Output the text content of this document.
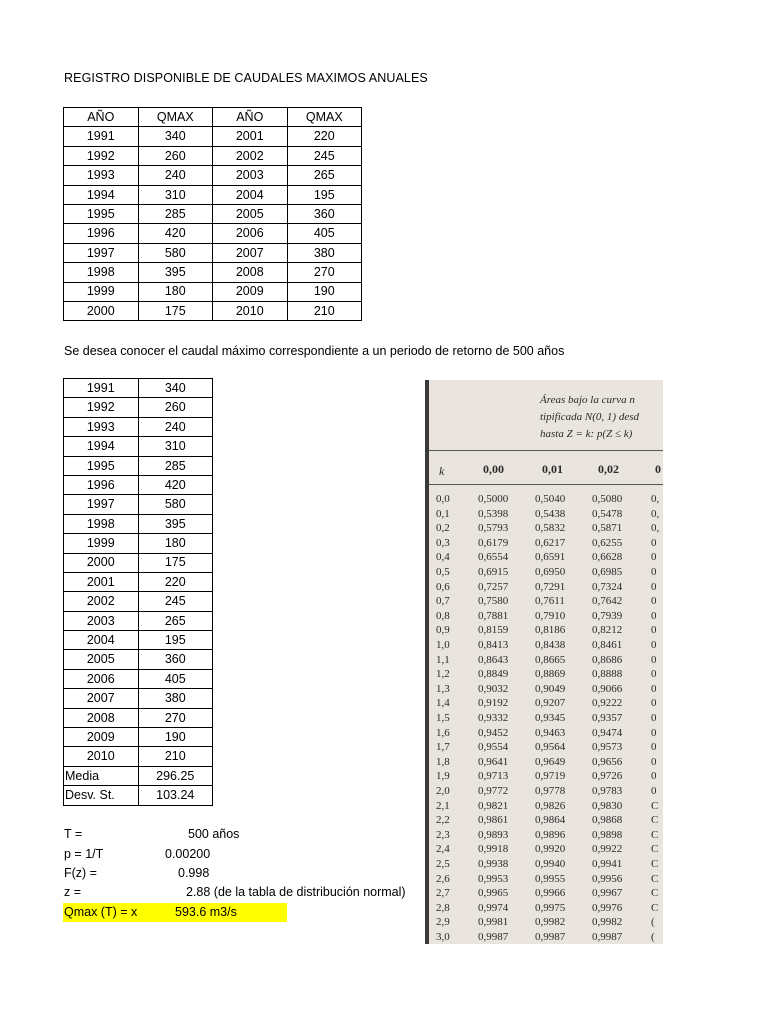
REGISTRO DISPONIBLE DE CAUDALES MAXIMOS ANUALES
AÑO	QMAX	AÑO	QMAX
1991	340	2001	220
1992	260	2002	245
1993	240	2003	265
1994	310	2004	195
1995	285	2005	360
1996	420	2006	405
1997	580	2007	380
1998	395	2008	270
1999	180	2009	190
2000	175	2010	210
Se desea conocer el caudal máximo correspondiente a un periodo de retorno de 500 años
1991	340
1992	260
1993	240
1994	310
1995	285
1996	420
1997	580
1998	395
1999	180
2000	175
2001	220
2002	245
2003	265
2004	195
2005	360
2006	405
2007	380
2008	270
2009	190
2010	210
Media	296.25
Desv. St.	103.24
T =	500 años
p = 1/T	0.00200
F(z) =	0.998
z =	2.88 (de la tabla de distribución normal)
Qmax (T) = x	593.6 m3/s
Áreas bajo la curva n
tipificada N(0, 1) desd
hasta Z = k: p(Z ≤ k)
k	0,00	0,01	0,02	0
0,0	0,5000 0,5040 0,5080	0,
0,1	0,5398 0,5438 0,5478	0,
0,2	0,5793 0,5832 0,5871	0,
0,3	0,6179 0,6217 0,6255	0
0,4	0,6554 0,6591 0,6628	0
0,5	0,6915 0,6950 0,6985	0
0,6	0,7257 0,7291 0,7324	0
0,7	0,7580 0,7611 0,7642	0
0,8	0,7881 0,7910 0,7939	0
0,9	0,8159 0,8186 0,8212	0
1,0	0,8413 0,8438 0,8461	0
1,1	0,8643 0,8665 0,8686	0
1,2	0,8849 0,8869 0,8888	0
1,3	0,9032 0,9049 0,9066	0
1,4	0,9192 0,9207 0,9222	0
1,5	0,9332 0,9345 0,9357	0
1,6	0,9452 0,9463 0,9474	0
1,7	0,9554 0,9564 0,9573	0
1,8	0,9641 0,9649 0,9656	0
1,9	0,9713 0,9719 0,9726	0
2,0	0,9772 0,9778 0,9783	0
2,1	0,9821 0,9826 0,9830	C
2,2	0,9861 0,9864 0,9868	C
2,3	0,9893 0,9896 0,9898	C
2,4	0,9918 0,9920 0,9922	C
2,5	0,9938 0,9940 0,9941	C
2,6	0,9953 0,9955 0,9956	C
2,7	0,9965 0,9966 0,9967	C
2,8	0,9974 0,9975 0,9976	C
2,9	0,9981 0,9982 0,9982	(
3,0	0,9987 0,9987 0,9987	(
